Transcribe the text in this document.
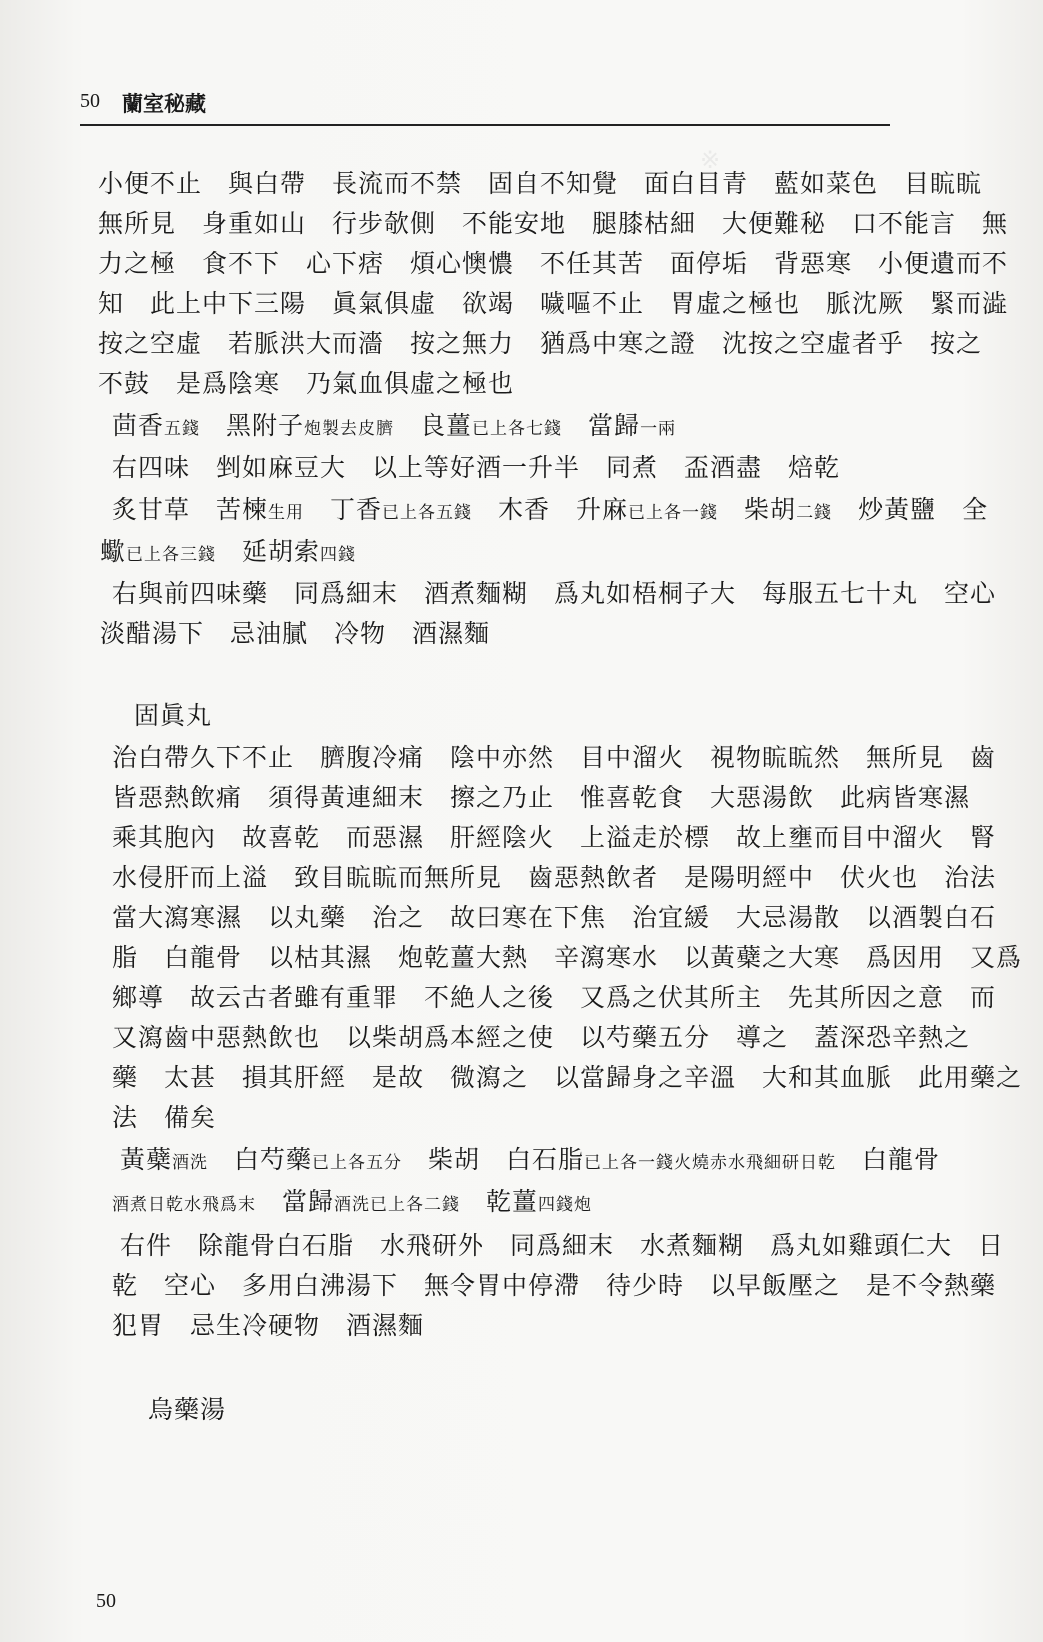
※　　　　　

50 蘭室秘藏
小便不止　與白帶　長流而不禁　固自不知覺　面白目青　藍如菜色　目䀮䀮
無所見　身重如山　行步欹側　不能安地　腿膝枯細　大便難秘　口不能言　無
力之極　食不下　心下痞　煩心懊憹　不任其苦　面停垢　背惡寒　小便遺而不
知　此上中下三陽　眞氣俱虛　欲竭　噦嘔不止　胃虛之極也　脈沈厥　緊而澁
按之空虛　若脈洪大而濇　按之無力　猶爲中寒之證　沈按之空虛者乎　按之
不鼓　是爲陰寒　乃氣血俱虛之極也
茴香五錢　黑附子炮製去皮臍　良薑已上各七錢　當歸一兩
右四味　剉如麻豆大　以上等好酒一升半　同煮　盃酒盡　焙乾
炙甘草　苦楝生用　丁香已上各五錢　木香　升麻已上各一錢　柴胡二錢　炒黃鹽　全
蠍已上各三錢　延胡索四錢
右與前四味藥　同爲細末　酒煮麵糊　爲丸如梧桐子大　每服五七十丸　空心
淡醋湯下　忌油膩　冷物　酒濕麵
固眞丸
治白帶久下不止　臍腹冷痛　陰中亦然　目中溜火　視物䀮䀮然　無所見　齒
皆惡熱飲痛　須得黃連細末　擦之乃止　惟喜乾食　大惡湯飲　此病皆寒濕
乘其胞內　故喜乾　而惡濕　肝經陰火　上溢走於標　故上壅而目中溜火　腎
水侵肝而上溢　致目䀮䀮而無所見　齒惡熱飲者　是陽明經中　伏火也　治法
當大瀉寒濕　以丸藥　治之　故曰寒在下焦　治宜緩　大忌湯散　以酒製白石
脂　白龍骨　以枯其濕　炮乾薑大熱　辛瀉寒水　以黃蘗之大寒　爲因用　又爲
鄉導　故云古者雖有重罪　不絶人之後　又爲之伏其所主　先其所因之意　而
又瀉齒中惡熱飲也　以柴胡爲本經之使　以芍藥五分　導之　蓋深恐辛熱之
藥　太甚　損其肝經　是故　微瀉之　以當歸身之辛溫　大和其血脈　此用藥之
法　備矣
黃蘗酒洗　白芍藥已上各五分　柴胡　白石脂已上各一錢火燒赤水飛細研日乾　白龍骨
酒煮日乾水飛爲末　當歸酒洗已上各二錢　乾薑四錢炮
右件　除龍骨白石脂　水飛研外　同爲細末　水煮麵糊　爲丸如雞頭仁大　日
乾　空心　多用白沸湯下　無令胃中停滯　待少時　以早飯壓之　是不令熱藥
犯胃　忌生冷硬物　酒濕麵
烏藥湯
50
